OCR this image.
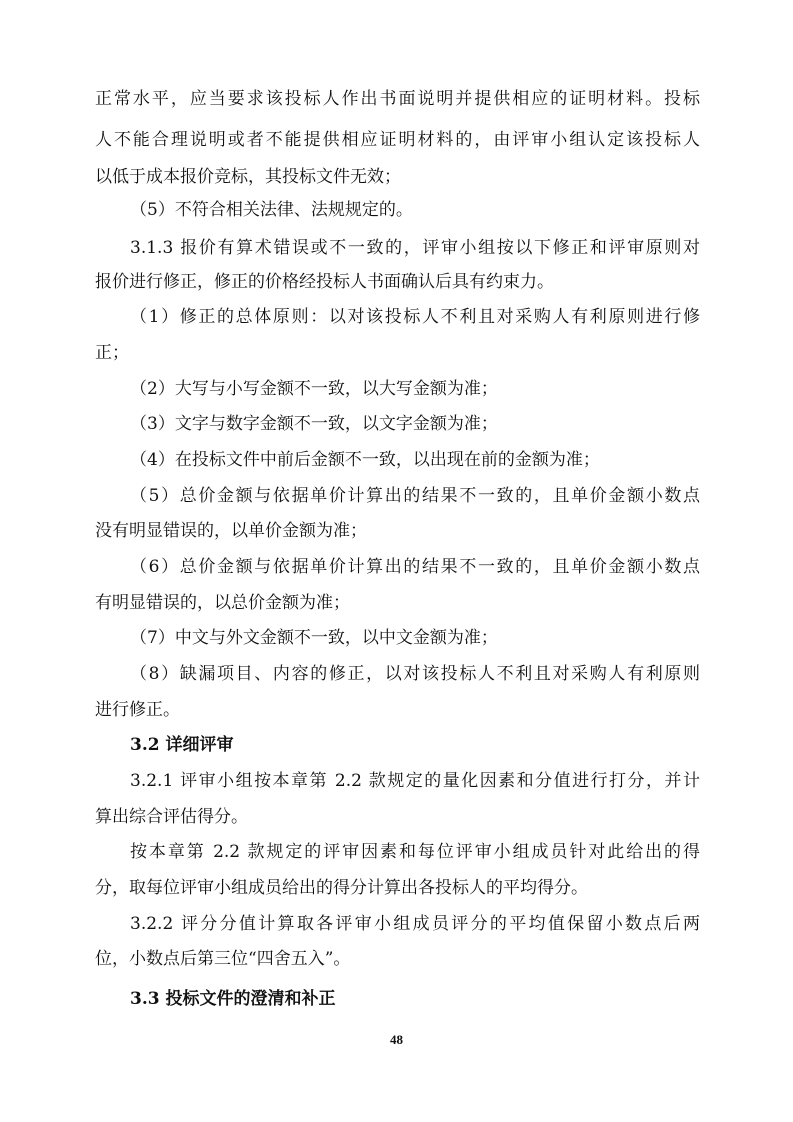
正常水平，应当要求该投标人作出书面说明并提供相应的证明材料。投标
人不能合理说明或者不能提供相应证明材料的，由评审小组认定该投标人
以低于成本报价竞标，其投标文件无效；
（5）不符合相关法律、法规规定的。
3.1.3 报价有算术错误或不一致的，评审小组按以下修正和评审原则对
报价进行修正，修正的价格经投标人书面确认后具有约束力。
（1）修正的总体原则：以对该投标人不利且对采购人有利原则进行修
正；
（2）大写与小写金额不一致，以大写金额为准；
（3）文字与数字金额不一致，以文字金额为准；
（4）在投标文件中前后金额不一致，以出现在前的金额为准；
（5）总价金额与依据单价计算出的结果不一致的，且单价金额小数点
没有明显错误的，以单价金额为准；
（6）总价金额与依据单价计算出的结果不一致的，且单价金额小数点
有明显错误的，以总价金额为准；
（7）中文与外文金额不一致，以中文金额为准；
（8）缺漏项目、内容的修正，以对该投标人不利且对采购人有利原则
进行修正。
3.2 详细评审
3.2.1 评审小组按本章第 2.2 款规定的量化因素和分值进行打分，并计
算出综合评估得分。
按本章第 2.2 款规定的评审因素和每位评审小组成员针对此给出的得
分，取每位评审小组成员给出的得分计算出各投标人的平均得分。
3.2.2 评分分值计算取各评审小组成员评分的平均值保留小数点后两
位，小数点后第三位“四舍五入”。
3.3 投标文件的澄清和补正
48
